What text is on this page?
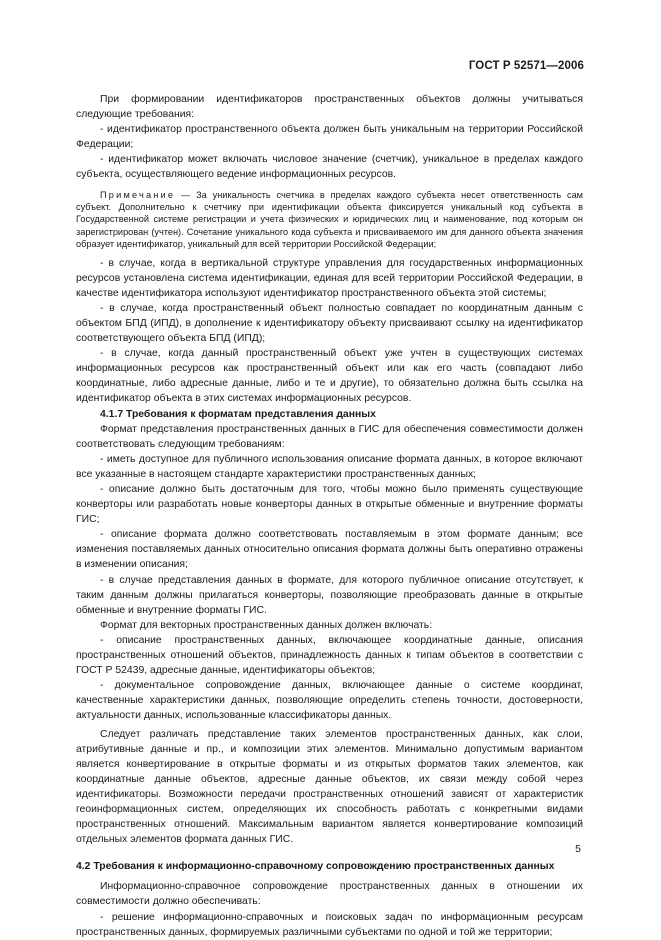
ГОСТ Р 52571—2006

При формировании идентификаторов пространственных объектов должны учитываться следующие требования:

- идентификатор пространственного объекта должен быть уникальным на территории Российской Федерации;

- идентификатор может включать числовое значение (счетчик), уникальное в пределах каждого субъекта, осуществляющего ведение информационных ресурсов.

Примечание — За уникальность счетчика в пределах каждого субъекта несет ответственность сам субъект. Дополнительно к счетчику при идентификации объекта фиксируется уникальный код субъекта в Государственной системе регистрации и учета физических и юридических лиц и наименование, под которым он зарегистрирован (учтен). Сочетание уникального кода субъекта и присваиваемого им для данного объекта значения образует идентификатор, уникальный для всей территории Российской Федерации;

- в случае, когда в вертикальной структуре управления для государственных информационных ресурсов установлена система идентификации, единая для всей территории Российской Федерации, в качестве идентификатора используют идентификатор пространственного объекта этой системы;

- в случае, когда пространственный объект полностью совпадает по координатным данным с объектом БПД (ИПД), в дополнение к идентификатору объекту присваивают ссылку на идентификатор соответствующего объекта БПД (ИПД);

- в случае, когда данный пространственный объект уже учтен в существующих системах информационных ресурсов как пространственный объект или как его часть (совпадают либо координатные, либо адресные данные, либо и те и другие), то обязательно должна быть ссылка на идентификатор объекта в этих системах информационных ресурсов.

4.1.7 Требования к форматам представления данных

Формат представления пространственных данных в ГИС для обеспечения совместимости должен соответствовать следующим требованиям:

- иметь доступное для публичного использования описание формата данных, в которое включают все указанные в настоящем стандарте характеристики пространственных данных;

- описание должно быть достаточным для того, чтобы можно было применять существующие конверторы или разработать новые конверторы данных в открытые обменные и внутренние форматы ГИС;

- описание формата должно соответствовать поставляемым в этом формате данным; все изменения поставляемых данных относительно описания формата должны быть оперативно отражены в изменении описания;

- в случае представления данных в формате, для которого публичное описание отсутствует, к таким данным должны прилагаться конверторы, позволяющие преобразовать данные в открытые обменные и внутренние форматы ГИС.

Формат для векторных пространственных данных должен включать:

- описание пространственных данных, включающее координатные данные, описания пространственных отношений объектов, принадлежность данных к типам объектов в соответствии с ГОСТ Р 52439, адресные данные, идентификаторы объектов;

- документальное сопровождение данных, включающее данные о системе координат, качественные характеристики данных, позволяющие определить степень точности, достоверности, актуальности данных, использованные классификаторы данных.

Следует различать представление таких элементов пространственных данных, как слои, атрибутивные данные и пр., и композиции этих элементов. Минимально допустимым вариантом является конвертирование в открытые форматы и из открытых форматов таких элементов, как координатные данные объектов, адресные данные объектов, их связи между собой через идентификаторы. Возможности передачи пространственных отношений зависят от характеристик геоинформационных систем, определяющих их способность работать с конкретными видами пространственных отношений. Максимальным вариантом является конвертирование композиций отдельных элементов формата данных ГИС.

4.2 Требования к информационно-справочному сопровождению пространственных данных

Информационно-справочное сопровождение пространственных данных в отношении их совместимости должно обеспечивать:

- решение информационно-справочных и поисковых задач по информационным ресурсам пространственных данных, формируемых различными субъектами по одной и той же территории;

5
